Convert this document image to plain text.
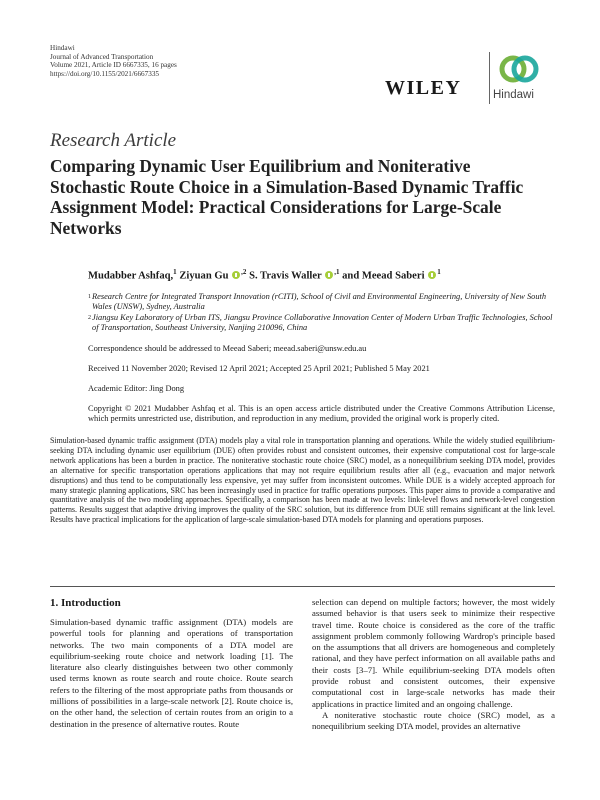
Hindawi
Journal of Advanced Transportation
Volume 2021, Article ID 6667335, 16 pages
https://doi.org/10.1155/2021/6667335
WILEY	Hindawi
Research Article
Comparing Dynamic User Equilibrium and Noniterative Stochastic Route Choice in a Simulation-Based Dynamic Traffic Assignment Model: Practical Considerations for Large-Scale Networks
Mudabber Ashfaq,$^1$ Ziyuan Gu $^{,2}$ S. Travis Waller $^{,1}$ and Meead Saberi $^1$
1 Research Centre for Integrated Transport Innovation (rCITI), School of Civil and Environmental Engineering, University of New South Wales (UNSW), Sydney, Australia
2 Jiangsu Key Laboratory of Urban ITS, Jiangsu Province Collaborative Innovation Center of Modern Urban Traffic Technologies, School of Transportation, Southeast University, Nanjing 210096, China
Correspondence should be addressed to Meead Saberi; meead.saberi@unsw.edu.au
Received 11 November 2020; Revised 12 April 2021; Accepted 25 April 2021; Published 5 May 2021
Academic Editor: Jing Dong
Copyright © 2021 Mudabber Ashfaq et al. This is an open access article distributed under the Creative Commons Attribution License, which permits unrestricted use, distribution, and reproduction in any medium, provided the original work is properly cited.

Simulation-based dynamic traffic assignment (DTA) models play a vital role in transportation planning and operations. While the widely studied equilibrium-seeking DTA including dynamic user equilibrium (DUE) often provides robust and consistent outcomes, their expensive computational cost for large-scale network applications has been a burden in practice. The noniterative stochastic route choice (SRC) model, as a nonequilibrium seeking DTA model, provides an alternative for specific transportation operations applications that may not require equilibrium results after all (e.g., evacuation and major network disruptions) and thus tend to be computationally less expensive, yet may suffer from inconsistent outcomes. While DUE is a widely accepted approach for many strategic planning applications, SRC has been increasingly used in practice for traffic operations purposes. This paper aims to provide a comparative and quantitative analysis of the two modeling approaches. Specifically, a comparison has been made at two levels: link-level flows and network-level congestion patterns. Results suggest that adaptive driving improves the quality of the SRC solution, but its difference from DUE still remains significant at the link level. Results have practical implications for the application of large-scale simulation-based DTA models for planning and operations purposes.

1. Introduction

Simulation-based dynamic traffic assignment (DTA) models are powerful tools for planning and operations of transportation networks. The two main components of a DTA model are equilibrium-seeking route choice and network loading [1]. The literature also clearly distinguishes between two other commonly used terms known as route search and route choice. Route search refers to the filtering of the most appropriate paths from thousands or millions of possibilities in a large-scale network [2]. Route choice is, on the other hand, the selection of certain routes from an origin to a destination in the presence of alternative routes. Route

selection can depend on multiple factors; however, the most widely assumed behavior is that users seek to minimize their respective travel time. Route choice is considered as the core of the traffic assignment problem commonly following Wardrop's principle based on the assumptions that all drivers are homogeneous and completely rational, and they have perfect information on all available paths and their costs [3–7]. While equilibrium-seeking DTA models often provide robust and consistent outcomes, their expensive computational cost in large-scale networks has made their applications in practice limited and an ongoing challenge.

A noniterative stochastic route choice (SRC) model, as a nonequilibrium seeking DTA model, provides an alternative
